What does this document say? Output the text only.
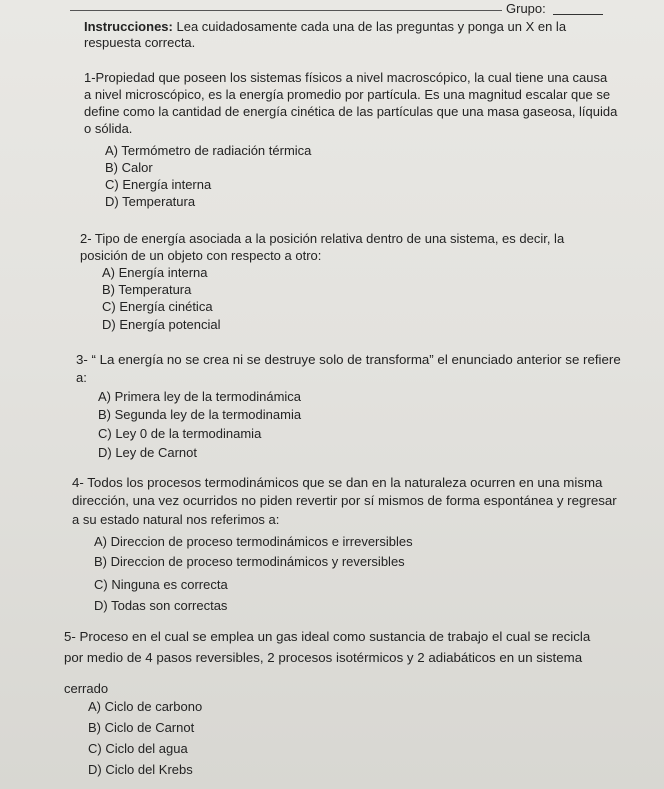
Grupo:
Instrucciones: Lea cuidadosamente cada una de las preguntas y ponga un X en la
respuesta correcta.
1-Propiedad que poseen los sistemas físicos a nivel macroscópico, la cual tiene una causa
a nivel microscópico, es la energía promedio por partícula. Es una magnitud escalar que se
define como la cantidad de energía cinética de las partículas que una masa gaseosa, líquida
o sólida.
A) Termómetro de radiación térmica
B) Calor
C) Energía interna
D) Temperatura
2- Tipo de energía asociada a la posición relativa dentro de una sistema, es decir, la
posición de un objeto con respecto a otro:
A) Energía interna
B) Temperatura
C) Energía cinética
D) Energía potencial
3- “ La energía no se crea ni se destruye solo de transforma” el enunciado anterior se refiere
a:
A) Primera ley de la termodinámica
B) Segunda ley de la termodinamia
C) Ley 0 de la termodinamia
D) Ley de Carnot
4- Todos los procesos termodinámicos que se dan en la naturaleza ocurren en una misma
dirección, una vez ocurridos no piden revertir por sí mismos de forma espontánea y regresar
a su estado natural nos referimos a:
A) Direccion de proceso termodinámicos e irreversibles
B) Direccion de proceso termodinámicos y reversibles
C) Ninguna es correcta
D) Todas son correctas
5- Proceso en el cual se emplea un gas ideal como sustancia de trabajo el cual se recicla
por medio de 4 pasos reversibles, 2 procesos isotérmicos y 2 adiabáticos en un sistema
cerrado
A) Ciclo de carbono
B) Ciclo de Carnot
C) Ciclo del agua
D) Ciclo del Krebs
